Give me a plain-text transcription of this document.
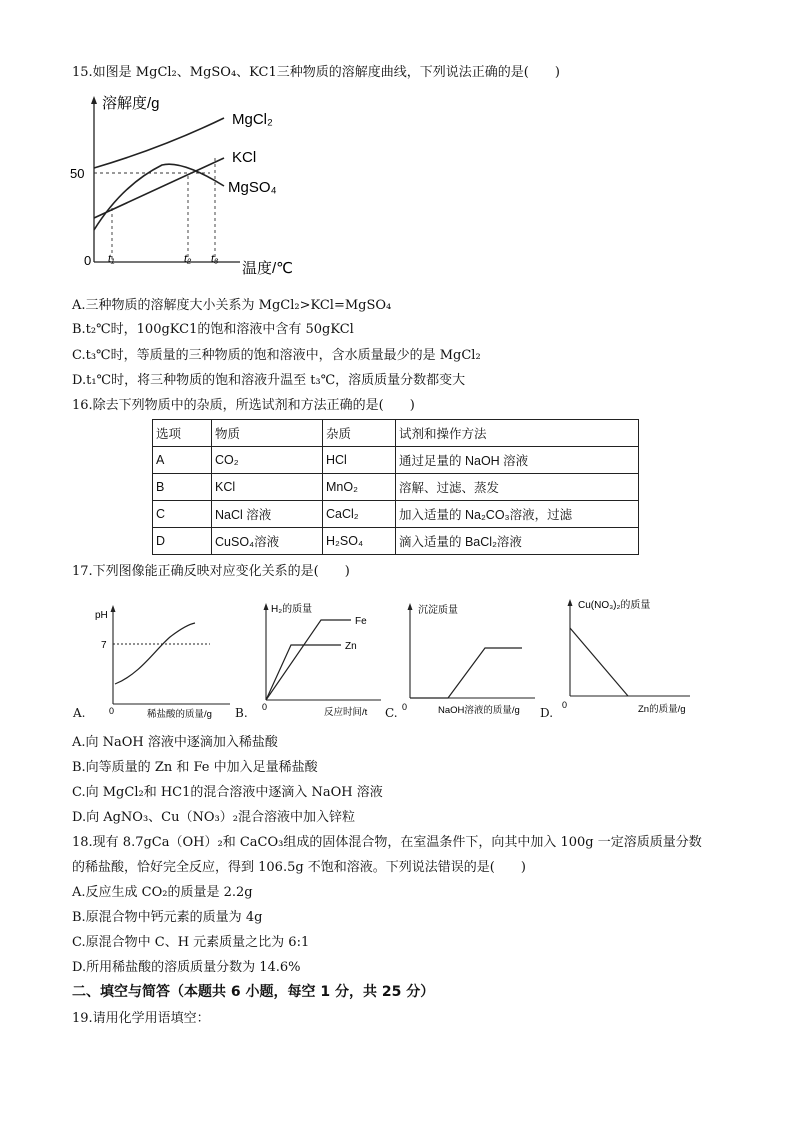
15.如图是 MgCl₂、MgSO₄、KC1三种物质的溶解度曲线，下列说法正确的是(　　)
溶解度/g
温度/℃
0
50
t₁	t₂ t₃
MgCl₂
KCl
MgSO₄
A.三种物质的溶解度大小关系为 MgCl₂>KCl=MgSO₄
B.t₂℃时，100gKC1的饱和溶液中含有 50gKCl
C.t₃℃时，等质量的三种物质的饱和溶液中，含水质量最少的是 MgCl₂
D.t₁℃时，将三种物质的饱和溶液升温至 t₃℃，溶质质量分数都变大
16.除去下列物质中的杂质，所选试剂和方法正确的是(　　)
选项	物质	杂质	试剂和操作方法
A	CO₂	HCl	通过足量的 NaOH 溶液
B	KCl	MnO₂	溶解、过滤、蒸发
C	NaCl 溶液	CaCl₂	加入适量的 Na₂CO₃溶液，过滤
D	CuSO₄溶液	H₂SO₄	滴入适量的 BaCl₂溶液
17.下列图像能正确反映对应变化关系的是(　　)
pH
7
0	稀盐酸的质量/g
A.
H₂的质量
Fe
Zn
0	反应时间/t
B.
沉淀质量
0	NaOH溶液的质量/g
C.
Cu(NO₃)₂的质量
0	Zn的质量/g
D.
A.向 NaOH 溶液中逐滴加入稀盐酸
B.向等质量的 Zn 和 Fe 中加入足量稀盐酸
C.向 MgCl₂和 HC1的混合溶液中逐滴入 NaOH 溶液
D.向 AgNO₃、Cu（NO₃）₂混合溶液中加入锌粒
18.现有 8.7gCa（OH）₂和 CaCO₃组成的固体混合物，在室温条件下，向其中加入 100g 一定溶质质量分数
的稀盐酸，恰好完全反应，得到 106.5g 不饱和溶液。下列说法错误的是(　　)
A.反应生成 CO₂的质量是 2.2g
B.原混合物中钙元素的质量为 4g
C.原混合物中 C、H 元素质量之比为 6:1
D.所用稀盐酸的溶质质量分数为 14.6%
二、填空与简答（本题共 6 小题，每空 1 分，共 25 分）
19.请用化学用语填空：
